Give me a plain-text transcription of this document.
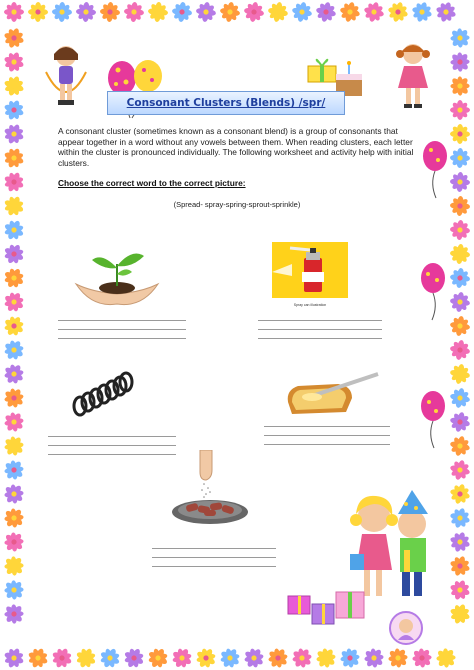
Consonant Clusters (Blends) /spr/

A consonant cluster (sometimes known as a consonant blend) is a group of consonants that appear together in a word without any vowels between them. When reading clusters, each letter within the cluster is pronounced individually. The following worksheet and activity help with initial clusters.

Choose the correct word to the correct picture:
(Spread- spray-spring-sprout-sprinkle)
Spray can illustration
